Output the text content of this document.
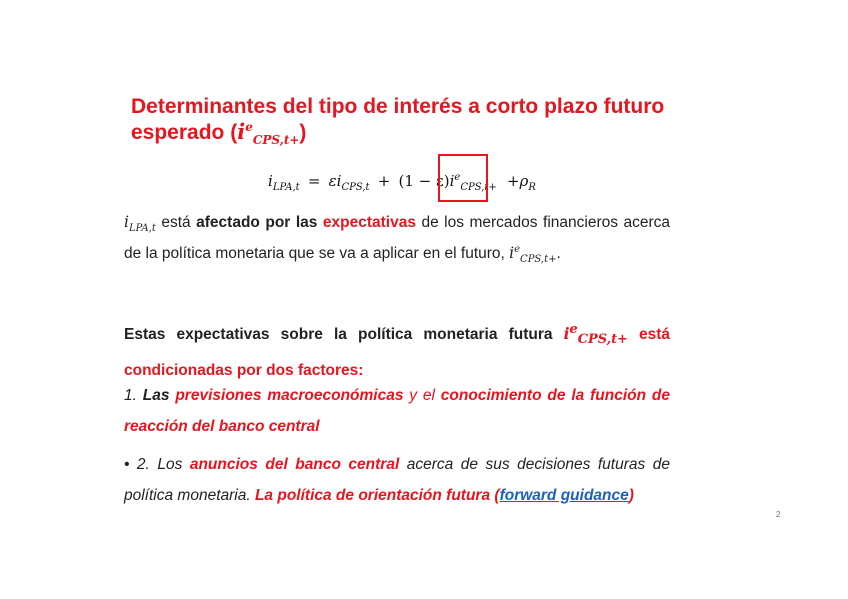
Determinantes del tipo de interés a corto plazo futuro
esperado $(i^e_{CPS,t+})$
$i_{LPA,t} = \varepsilon i_{CPS,t} + (1 - \varepsilon)i^e_{CPS,t+} +\rho_R$
$i_{LPA,t}$ está afectado por las expectativas de los mercados financieros acerca de la política monetaria que se va a aplicar en el futuro, $i^e_{CPS,t+}$.
Estas expectativas sobre la política monetaria futura $i^e_{CPS,t+}$ está condicionadas por dos factores:
1. Las previsiones macroeconómicas y el conocimiento de la función de reacción del banco central
• 2. Los anuncios del banco central acerca de sus decisiones futuras de política monetaria. La política de orientación futura (forward guidance)
2
